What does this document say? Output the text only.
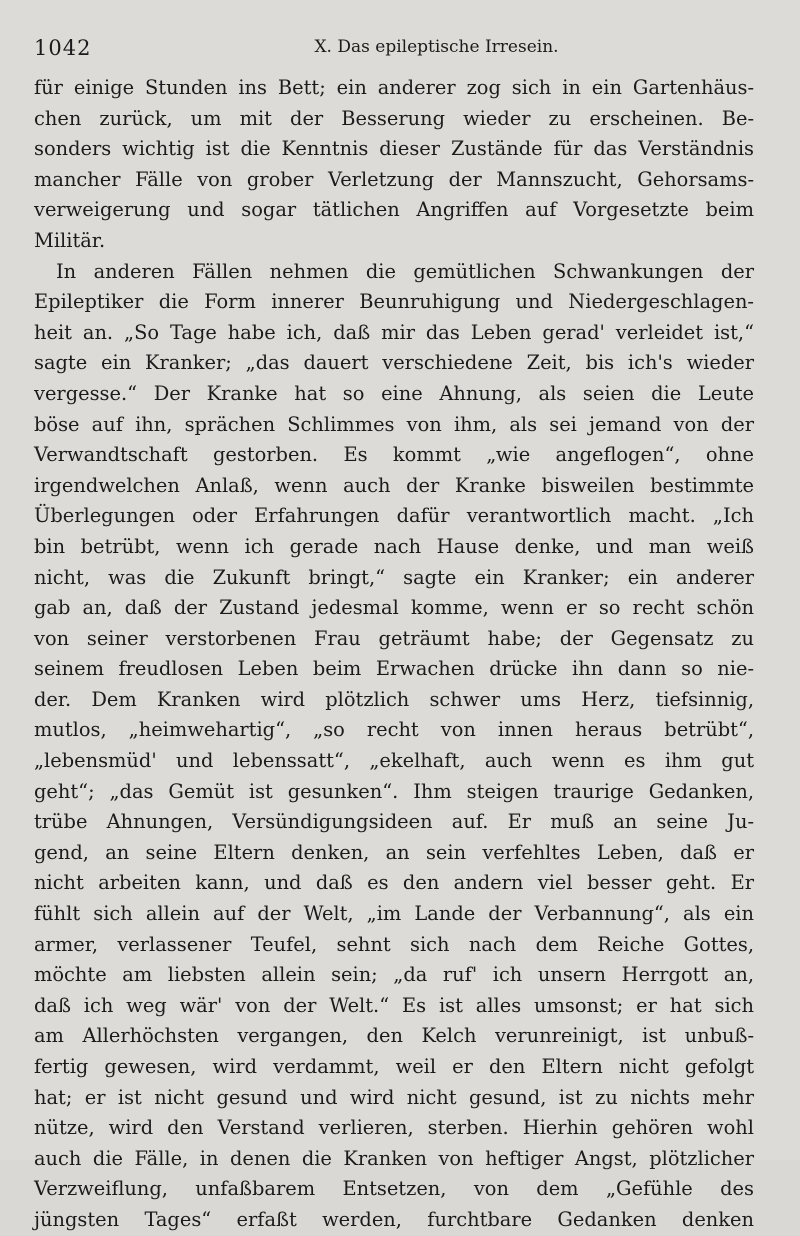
1042	X. Das epileptische Irresein.
für einige Stunden ins Bett; ein anderer zog sich in ein Gartenhäus-
chen zurück, um mit der Besserung wieder zu erscheinen. Be-
sonders wichtig ist die Kenntnis dieser Zustände für das Verständnis
mancher Fälle von grober Verletzung der Mannszucht, Gehorsams-
verweigerung und sogar tätlichen Angriffen auf Vorgesetzte beim
Militär.
In anderen Fällen nehmen die gemütlichen Schwankungen der
Epileptiker die Form innerer Beunruhigung und Niedergeschlagen-
heit an. „So Tage habe ich, daß mir das Leben gerad' verleidet ist,“
sagte ein Kranker; „das dauert verschiedene Zeit, bis ich's wieder
vergesse.“ Der Kranke hat so eine Ahnung, als seien die Leute
böse auf ihn, sprächen Schlimmes von ihm, als sei jemand von der
Verwandtschaft gestorben. Es kommt „wie angeflogen“, ohne
irgendwelchen Anlaß, wenn auch der Kranke bisweilen bestimmte
Überlegungen oder Erfahrungen dafür verantwortlich macht. „Ich
bin betrübt, wenn ich gerade nach Hause denke, und man weiß
nicht, was die Zukunft bringt,“ sagte ein Kranker; ein anderer
gab an, daß der Zustand jedesmal komme, wenn er so recht schön
von seiner verstorbenen Frau geträumt habe; der Gegensatz zu
seinem freudlosen Leben beim Erwachen drücke ihn dann so nie-
der. Dem Kranken wird plötzlich schwer ums Herz, tiefsinnig,
mutlos, „heimwehartig“, „so recht von innen heraus betrübt“,
„lebensmüd' und lebenssatt“, „ekelhaft, auch wenn es ihm gut
geht“; „das Gemüt ist gesunken“. Ihm steigen traurige Gedanken,
trübe Ahnungen, Versündigungsideen auf. Er muß an seine Ju-
gend, an seine Eltern denken, an sein verfehltes Leben, daß er
nicht arbeiten kann, und daß es den andern viel besser geht. Er
fühlt sich allein auf der Welt, „im Lande der Verbannung“, als ein
armer, verlassener Teufel, sehnt sich nach dem Reiche Gottes,
möchte am liebsten allein sein; „da ruf' ich unsern Herrgott an,
daß ich weg wär' von der Welt.“ Es ist alles umsonst; er hat sich
am Allerhöchsten vergangen, den Kelch verunreinigt, ist unbuß-
fertig gewesen, wird verdammt, weil er den Eltern nicht gefolgt
hat; er ist nicht gesund und wird nicht gesund, ist zu nichts mehr
nütze, wird den Verstand verlieren, sterben. Hierhin gehören wohl
auch die Fälle, in denen die Kranken von heftiger Angst, plötzlicher
Verzweiflung, unfaßbarem Entsetzen, von dem „Gefühle des
jüngsten Tages“ erfaßt werden, furchtbare Gedanken denken
